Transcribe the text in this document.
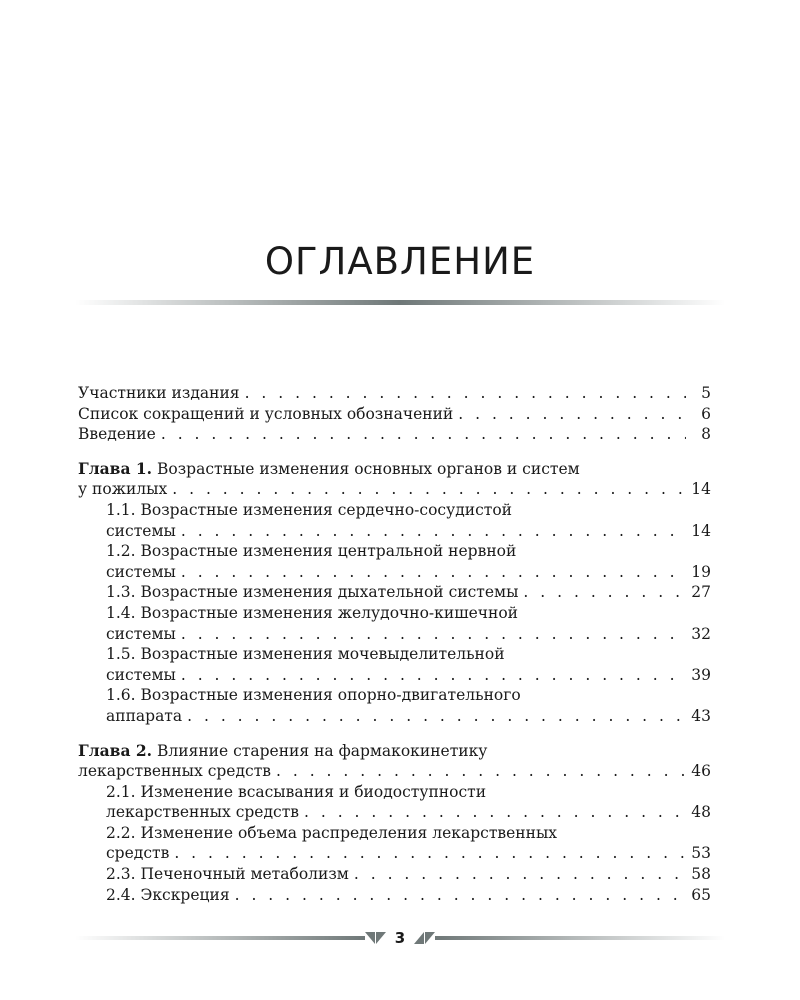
ОГЛАВЛЕНИЕ
Участники издания . . .	5
Список сокращений и условных обозначений . . .	6
Введение . . .	8
Глава 1. Возрастные изменения основных органов и систем
у пожилых . . .	14
1.1. Возрастные изменения сердечно-сосудистой
системы . . .	14
1.2. Возрастные изменения центральной нервной
системы . . .	19
1.3. Возрастные изменения дыхательной системы . . .	27
1.4. Возрастные изменения желудочно-кишечной
системы . . .	32
1.5. Возрастные изменения мочевыделительной
системы . . .	39
1.6. Возрастные изменения опорно-двигательного
аппарата . . .	43
Глава 2. Влияние старения на фармакокинетику
лекарственных средств . . .	46
2.1. Изменение всасывания и биодоступности
лекарственных средств . . .	48
2.2. Изменение объема распределения лекарственных
средств . . .	53
2.3. Печеночный метаболизм . . .	58
2.4. Экскреция . . .	65
3
